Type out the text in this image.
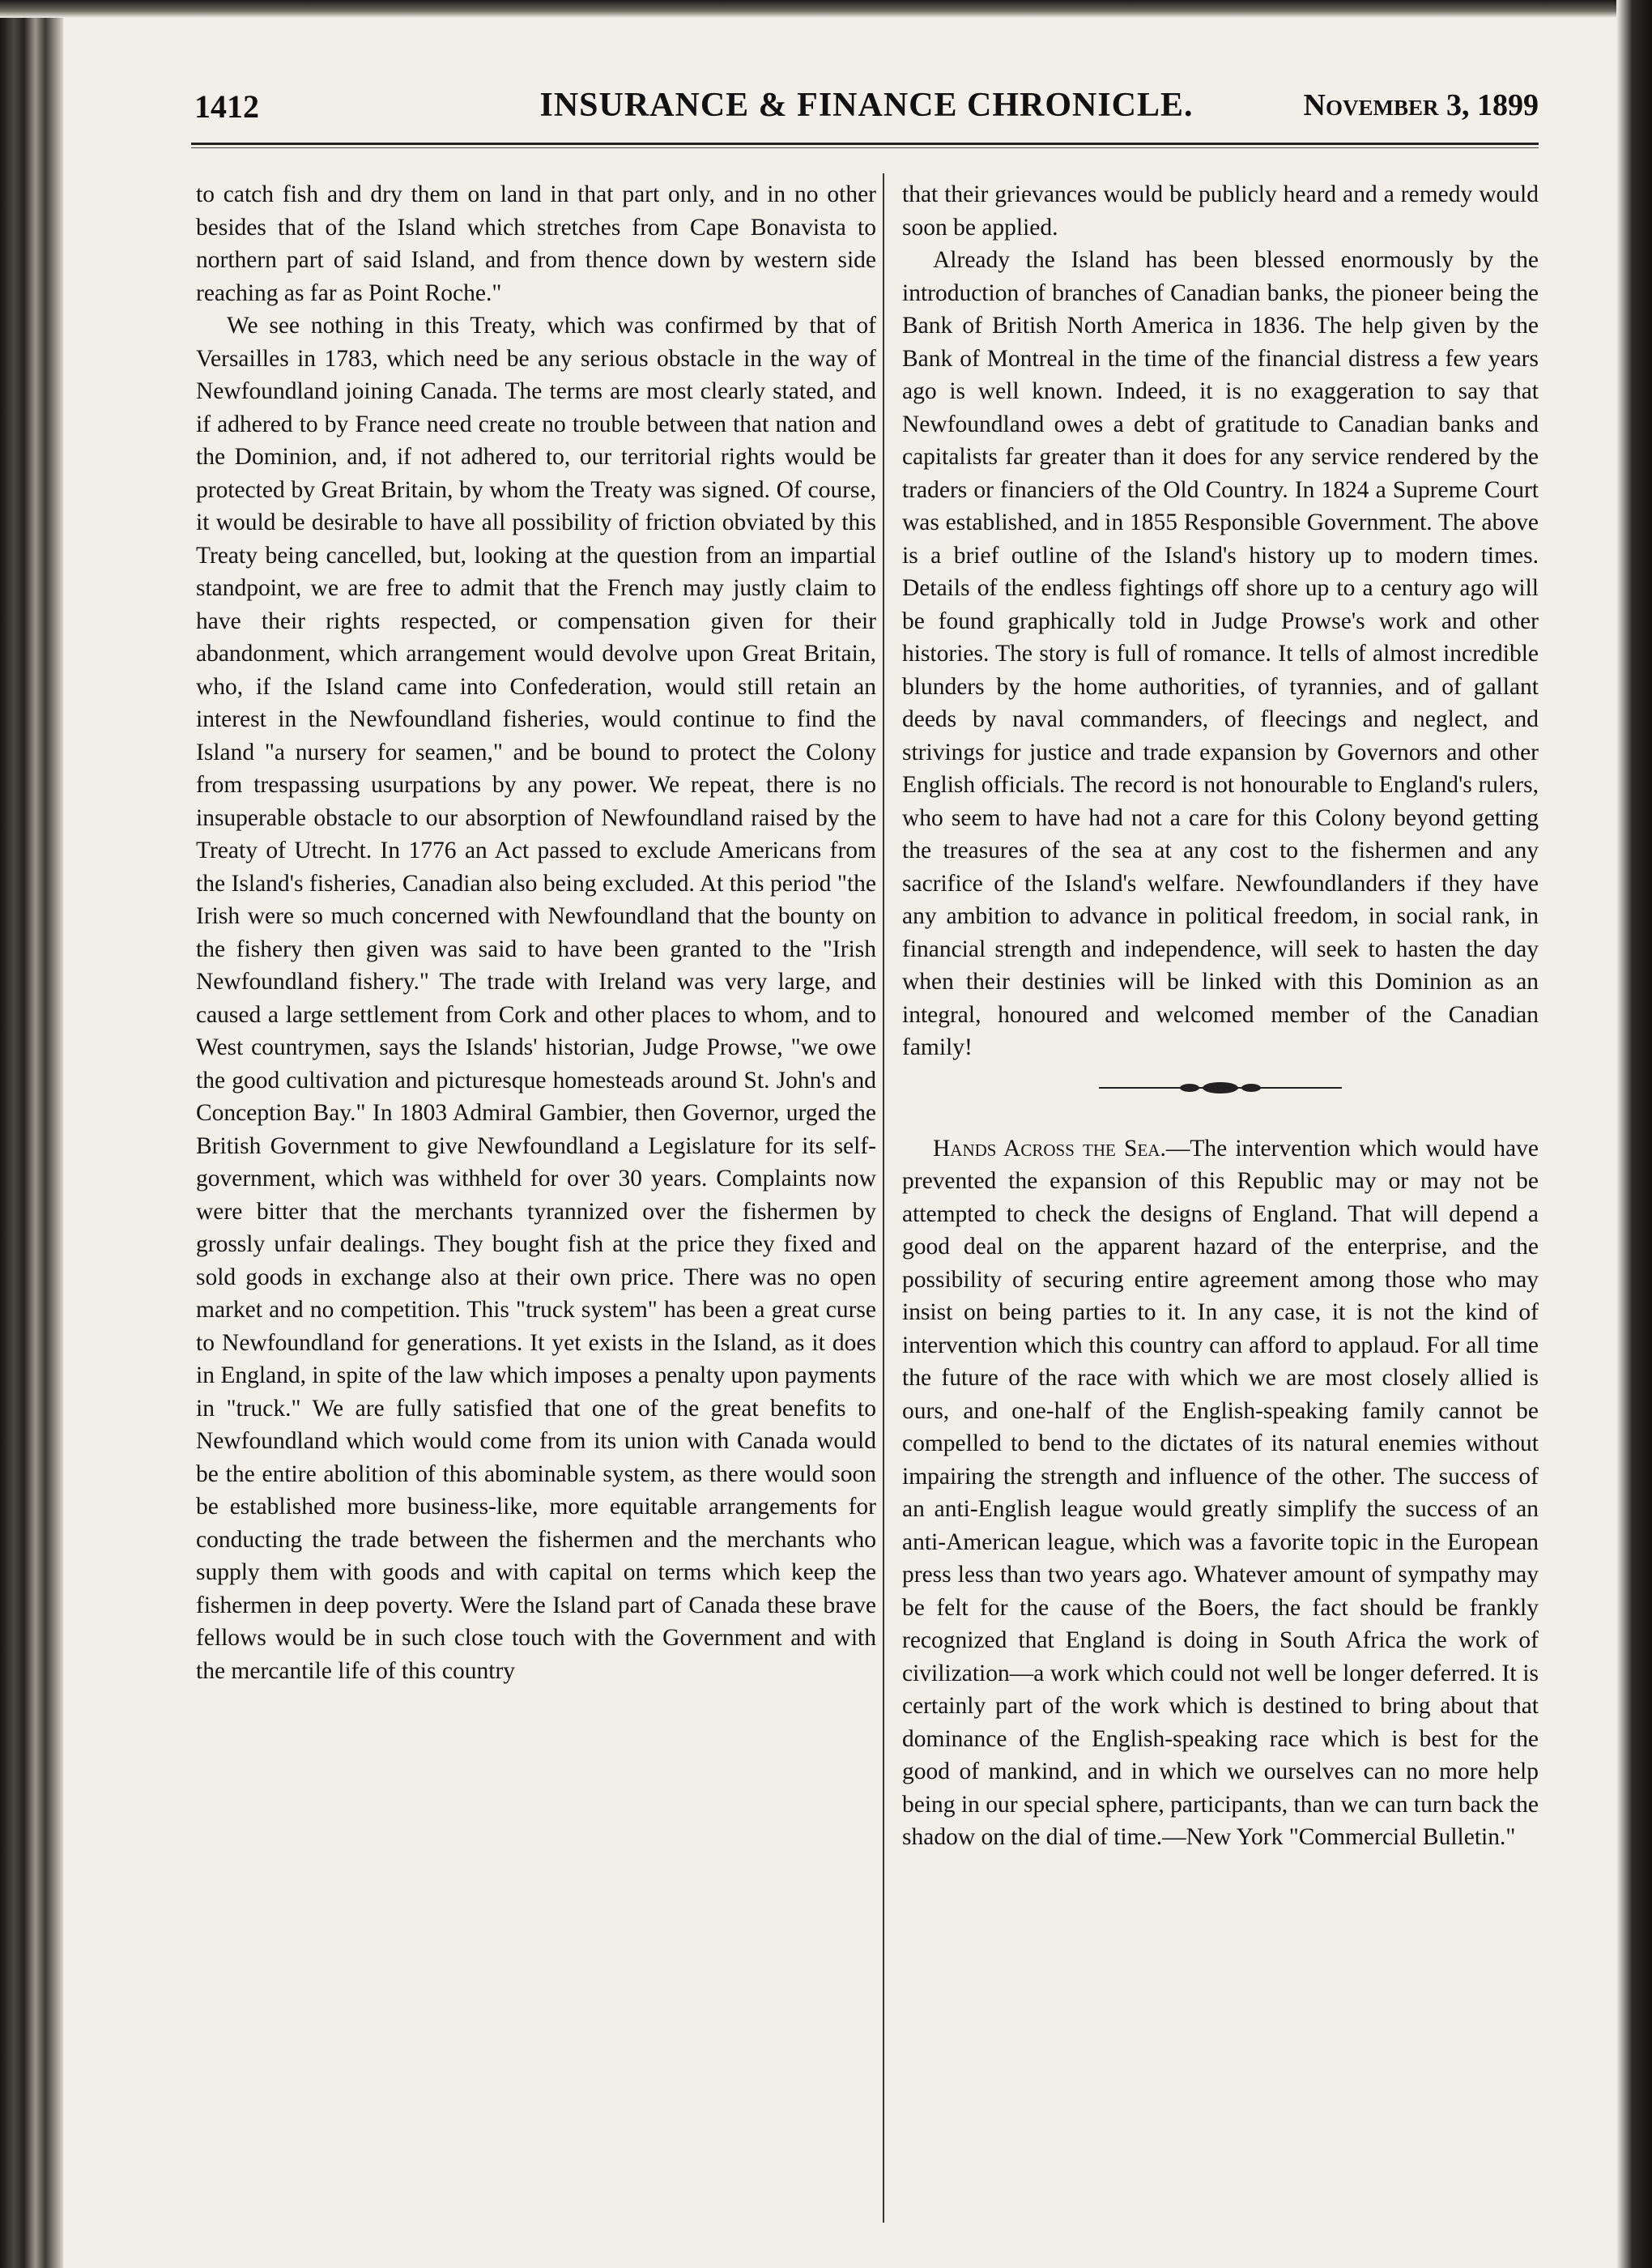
1412	INSURANCE & FINANCE CHRONICLE.	November 3, 1899

to catch fish and dry them on land in that part only, and in no other besides that of the Island which stretches from Cape Bonavista to northern part of said Island, and from thence down by western side reaching as far as Point Roche."

We see nothing in this Treaty, which was confirmed by that of Versailles in 1783, which need be any serious obstacle in the way of Newfoundland joining Canada. The terms are most clearly stated, and if adhered to by France need create no trouble between that nation and the Dominion, and, if not adhered to, our territorial rights would be protected by Great Britain, by whom the Treaty was signed. Of course, it would be desirable to have all possibility of friction obviated by this Treaty being cancelled, but, looking at the question from an impartial standpoint, we are free to admit that the French may justly claim to have their rights respected, or compensation given for their abandonment, which arrangement would devolve upon Great Britain, who, if the Island came into Confederation, would still retain an interest in the Newfoundland fisheries, would continue to find the Island "a nursery for seamen," and be bound to protect the Colony from trespassing usurpations by any power. We repeat, there is no insuperable obstacle to our absorption of Newfoundland raised by the Treaty of Utrecht. In 1776 an Act passed to exclude Americans from the Island's fisheries, Canadian also being excluded. At this period "the Irish were so much concerned with Newfoundland that the bounty on the fishery then given was said to have been granted to the "Irish Newfoundland fishery." The trade with Ireland was very large, and caused a large settlement from Cork and other places to whom, and to West countrymen, says the Islands' historian, Judge Prowse, "we owe the good cultivation and picturesque homesteads around St. John's and Conception Bay." In 1803 Admiral Gambier, then Governor, urged the British Government to give Newfoundland a Legislature for its self-government, which was withheld for over 30 years. Complaints now were bitter that the merchants tyrannized over the fishermen by grossly unfair dealings. They bought fish at the price they fixed and sold goods in exchange also at their own price. There was no open market and no competition. This "truck system" has been a great curse to Newfoundland for generations. It yet exists in the Island, as it does in England, in spite of the law which imposes a penalty upon payments in "truck." We are fully satisfied that one of the great benefits to Newfoundland which would come from its union with Canada would be the entire abolition of this abominable system, as there would soon be established more business-like, more equitable arrangements for conducting the trade between the fishermen and the merchants who supply them with goods and with capital on terms which keep the fishermen in deep poverty. Were the Island part of Canada these brave fellows would be in such close touch with the Government and with the mercantile life of this country

that their grievances would be publicly heard and a remedy would soon be applied.

Already the Island has been blessed enormously by the introduction of branches of Canadian banks, the pioneer being the Bank of British North America in 1836. The help given by the Bank of Montreal in the time of the financial distress a few years ago is well known. Indeed, it is no exaggeration to say that Newfoundland owes a debt of gratitude to Canadian banks and capitalists far greater than it does for any service rendered by the traders or financiers of the Old Country. In 1824 a Supreme Court was established, and in 1855 Responsible Government. The above is a brief outline of the Island's history up to modern times. Details of the endless fightings off shore up to a century ago will be found graphically told in Judge Prowse's work and other histories. The story is full of romance. It tells of almost incredible blunders by the home authorities, of tyrannies, and of gallant deeds by naval commanders, of fleecings and neglect, and strivings for justice and trade expansion by Governors and other English officials. The record is not honourable to England's rulers, who seem to have had not a care for this Colony beyond getting the treasures of the sea at any cost to the fishermen and any sacrifice of the Island's welfare. Newfoundlanders if they have any ambition to advance in political freedom, in social rank, in financial strength and independence, will seek to hasten the day when their destinies will be linked with this Dominion as an integral, honoured and welcomed member of the Canadian family!

Hands Across the Sea.—The intervention which would have prevented the expansion of this Republic may or may not be attempted to check the designs of England. That will depend a good deal on the apparent hazard of the enterprise, and the possibility of securing entire agreement among those who may insist on being parties to it. In any case, it is not the kind of intervention which this country can afford to applaud. For all time the future of the race with which we are most closely allied is ours, and one-half of the English-speaking family cannot be compelled to bend to the dictates of its natural enemies without impairing the strength and influence of the other. The success of an anti-English league would greatly simplify the success of an anti-American league, which was a favorite topic in the European press less than two years ago. Whatever amount of sympathy may be felt for the cause of the Boers, the fact should be frankly recognized that England is doing in South Africa the work of civilization—a work which could not well be longer deferred. It is certainly part of the work which is destined to bring about that dominance of the English-speaking race which is best for the good of mankind, and in which we ourselves can no more help being in our special sphere, participants, than we can turn back the shadow on the dial of time.—New York "Commercial Bulletin."
